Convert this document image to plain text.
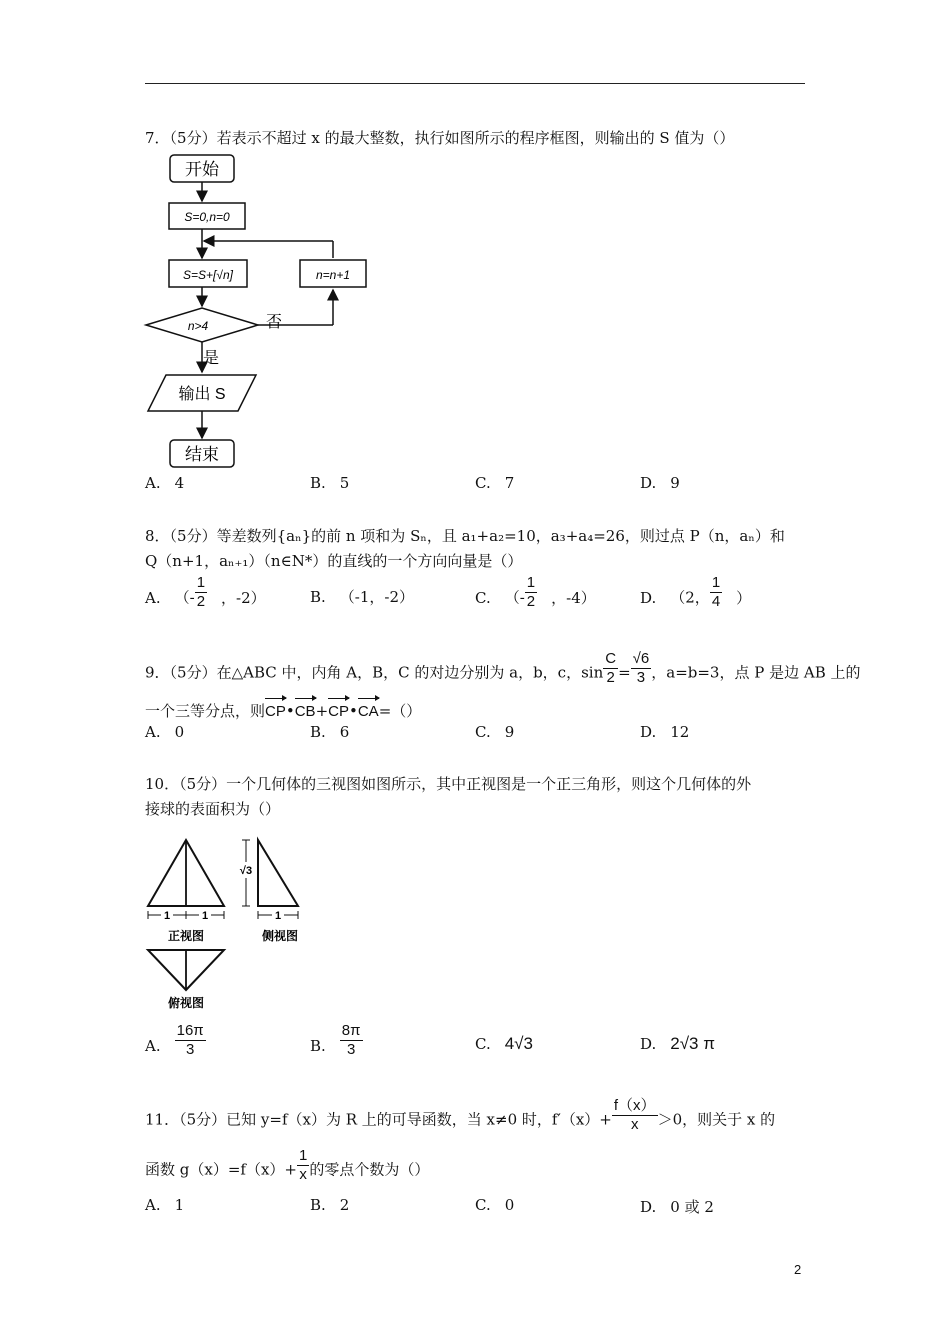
7．（5分）若表示不超过 x 的最大整数，执行如图所示的程序框图，则输出的 S 值为（）
开始
S=0,n=0
S=S+[√n]	n=n+1
n>4	否
是
输出 S
结束
A. 4	B. 5	C. 7	D. 9
8．（5分）等差数列{aₙ}的前 n 项和为 Sₙ，且 a₁+a₂=10，a₃+a₄=26，则过点 P（n，aₙ）和
Q（n+1，aₙ₊₁）（n∈N*）的直线的一个方向向量是（）
A. （- $\frac{1}{2}$ ，-2）	B. （-1，-2）	C. （- $\frac{1}{2}$ ，-4）	D. （2， $\frac{1}{4}$ ）
9．（5分）在△ABC 中，内角 A，B，C 的对边分别为 a，b，c，$\sin \frac{C}{2} = \frac{√6}{3}$ ，a=b=3，点 P 是边 AB 上的
一个三等分点，则CP•CB+CP•CA=（）
A. 0	B. 6	C. 9	D. 12
10．（5分）一个几何体的三视图如图所示，其中正视图是一个正三角形，则这个几何体的外
接球的表面积为（）
1	1
正视图
√3
1
侧视图
俯视图
A. $\frac{16\pi}{3}$	B. $\frac{8\pi}{3}$	C. 4√3	D. 2√3 π
11．（5分）已知 y=f（x）为 R 上的可导函数，当 x≠0 时，$f'(x)+ \frac{f(x)}{x} >0$，则关于 x 的
函数 $g(x)=f(x)+ \frac{1}{x}$ 的零点个数为（）
A. 1	B. 2	C. 0	D. 0 或 2
2
